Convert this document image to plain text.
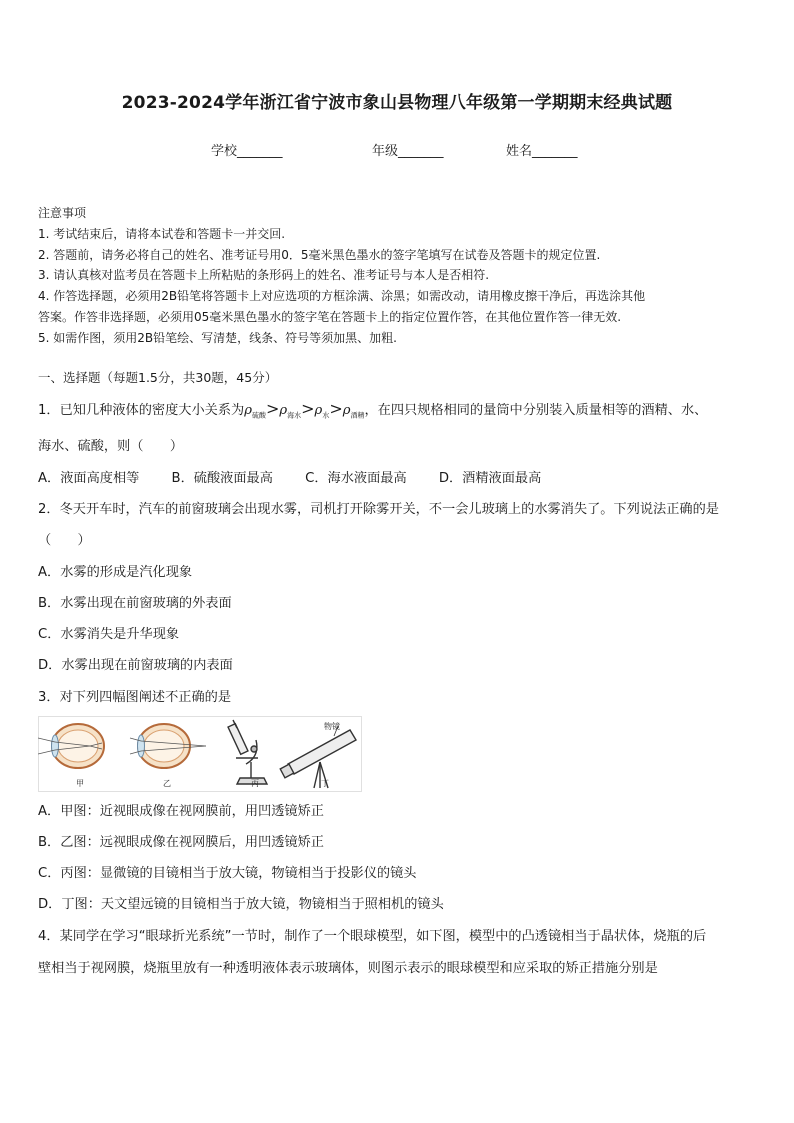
2023-2024学年浙江省宁波市象山县物理八年级第一学期期末经典试题
学校_______	年级_______	姓名_______
注意事项
1. 考试结束后，请将本试卷和答题卡一并交回.
2. 答题前，请务必将自己的姓名、准考证号用0．5毫米黑色墨水的签字笔填写在试卷及答题卡的规定位置.
3. 请认真核对监考员在答题卡上所粘贴的条形码上的姓名、准考证号与本人是否相符.
4. 作答选择题，必须用2B铅笔将答题卡上对应选项的方框涂满、涂黑；如需改动，请用橡皮擦干净后，再选涂其他
答案。作答非选择题，必须用05毫米黑色墨水的签字笔在答题卡上的指定位置作答，在其他位置作答一律无效.
5. 如需作图，须用2B铅笔绘、写清楚，线条、符号等须加黑、加粗.
一、选择题（每题1.5分，共30题，45分）
1．已知几种液体的密度大小关系为$\rho_{硫酸}>\rho_{海水}>\rho_水>\rho_{酒精}$，在四只规格相同的量筒中分别装入质量相等的酒精、水、
海水、硫酸，则（　　）
A．液面高度相等 B．硫酸液面最高 C．海水液面最高 D．酒精液面最高
2．冬天开车时，汽车的前窗玻璃会出现水雾，司机打开除雾开关，不一会儿玻璃上的水雾消失了。下列说法正确的是
（　　）
A．水雾的形成是汽化现象
B．水雾出现在前窗玻璃的外表面
C．水雾消失是升华现象
D．水雾出现在前窗玻璃的内表面
3．对下列四幅图阐述不正确的是
物镜
甲	乙	丙	丁
A．甲图：近视眼成像在视网膜前，用凹透镜矫正
B．乙图：远视眼成像在视网膜后，用凹透镜矫正
C．丙图：显微镜的目镜相当于放大镜，物镜相当于投影仪的镜头
D．丁图：天文望远镜的目镜相当于放大镜，物镜相当于照相机的镜头
4．某同学在学习“眼球折光系统”一节时，制作了一个眼球模型，如下图，模型中的凸透镜相当于晶状体，烧瓶的后
壁相当于视网膜，烧瓶里放有一种透明液体表示玻璃体，则图示表示的眼球模型和应采取的矫正措施分别是
